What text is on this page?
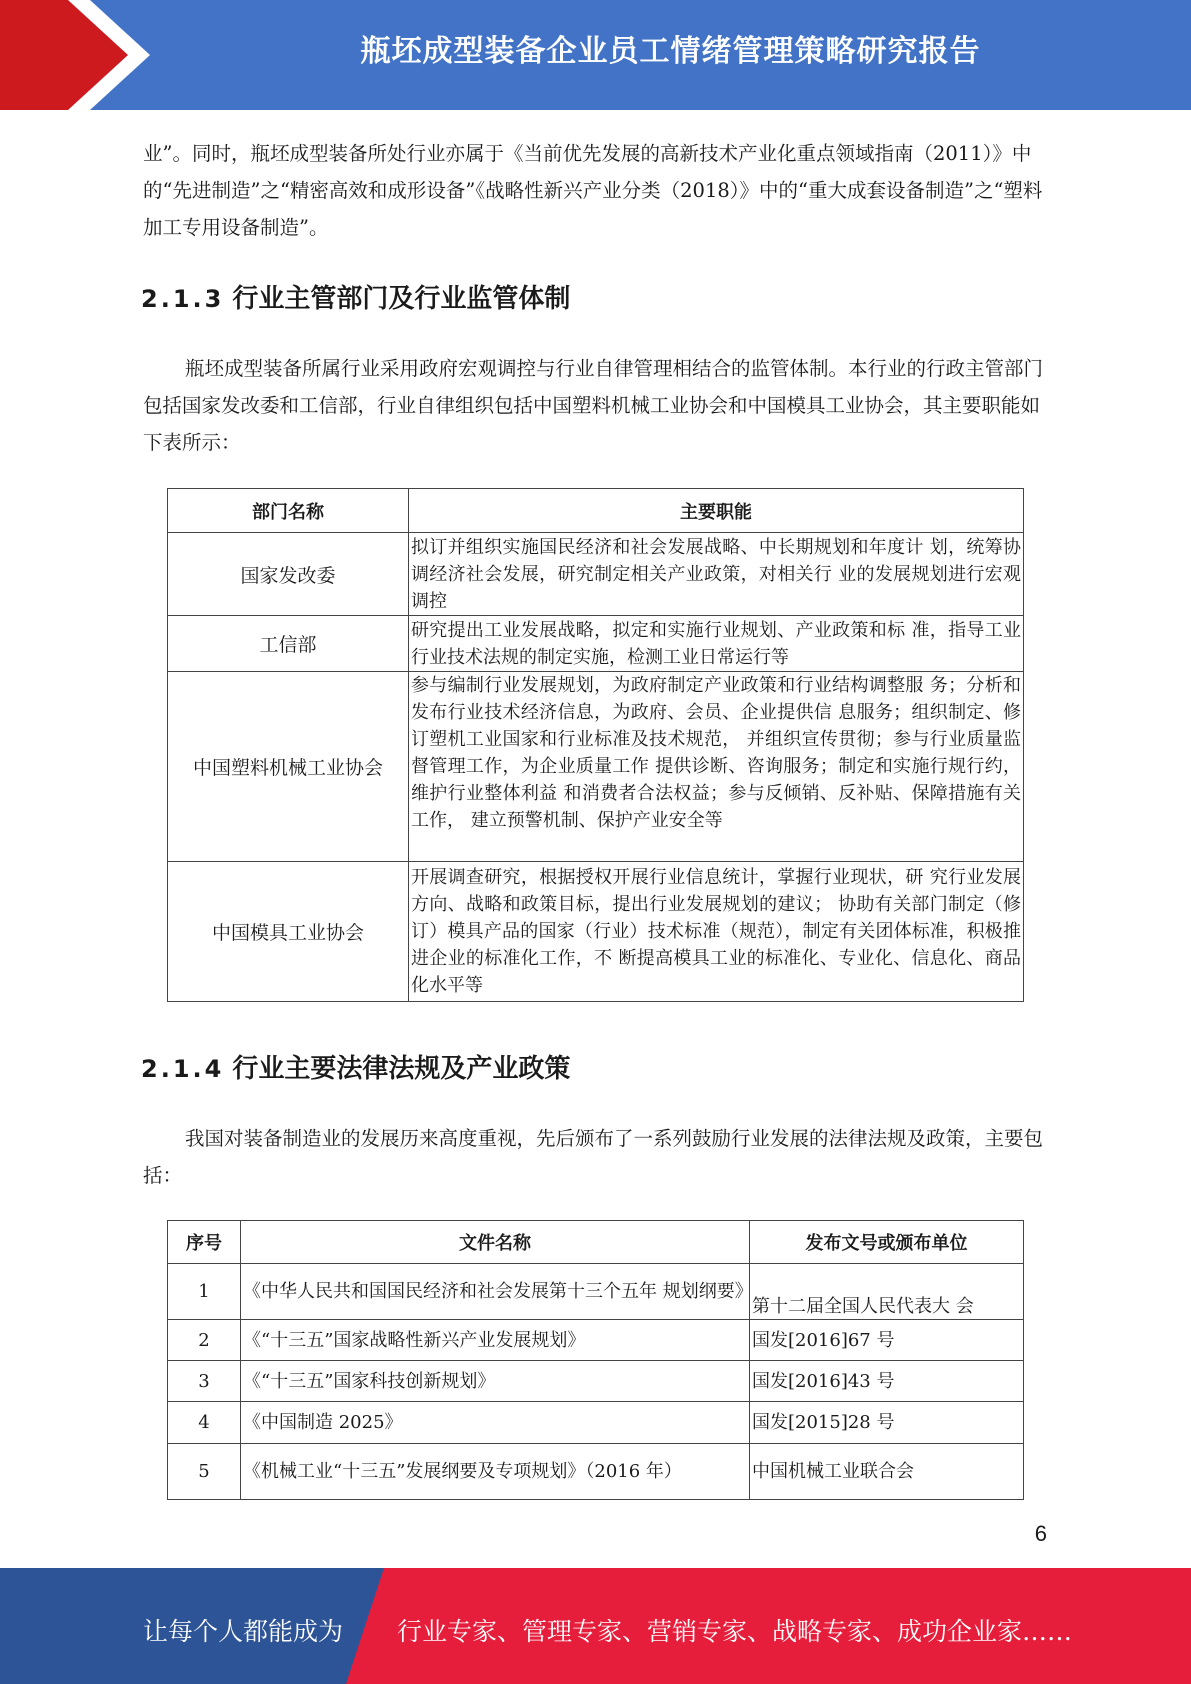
瓶坯成型装备企业员工情绪管理策略研究报告

业”。同时，瓶坯成型装备所处行业亦属于《当前优先发展的高新技术产业化重点领域指南（2011）》中的“先进制造”之“精密高效和成形设备”《战略性新兴产业分类（2018）》中的“重大成套设备制造”之“塑料加工专用设备制造”。

2.1.3 行业主管部门及行业监管体制

瓶坯成型装备所属行业采用政府宏观调控与行业自律管理相结合的监管体制。本行业的行政主管部门包括国家发改委和工信部，行业自律组织包括中国塑料机械工业协会和中国模具工业协会，其主要职能如下表所示：

部门名称	主要职能
国家发改委	拟订并组织实施国民经济和社会发展战略、中长期规划和年度计 划，统筹协调经济社会发展，研究制定相关产业政策，对相关行 业的发展规划进行宏观调控
工信部	研究提出工业发展战略，拟定和实施行业规划、产业政策和标 准，指导工业行业技术法规的制定实施，检测工业日常运行等
中国塑料机械工业协会	参与编制行业发展规划，为政府制定产业政策和行业结构调整服 务；分析和发布行业技术经济信息，为政府、会员、企业提供信 息服务；组织制定、修订塑机工业国家和行业标准及技术规范， 并组织宣传贯彻；参与行业质量监督管理工作，为企业质量工作 提供诊断、咨询服务；制定和实施行规行约，维护行业整体利益 和消费者合法权益；参与反倾销、反补贴、保障措施有关工作， 建立预警机制、保护产业安全等
中国模具工业协会	开展调查研究，根据授权开展行业信息统计，掌握行业现状，研 究行业发展方向、战略和政策目标，提出行业发展规划的建议； 协助有关部门制定（修订）模具产品的国家（行业）技术标准（规范），制定有关团体标准，积极推进企业的标准化工作，不 断提高模具工业的标准化、专业化、信息化、商品化水平等
2.1.4 行业主要法律法规及产业政策

我国对装备制造业的发展历来高度重视，先后颁布了一系列鼓励行业发展的法律法规及政策，主要包括：

序号	文件名称	发布文号或颁布单位
1	《中华人民共和国国民经济和社会发展第十三个五年 规划纲要》	第十二届全国人民代表大 会
2	《“十三五”国家战略性新兴产业发展规划》	国发[2016]67 号
3	《“十三五”国家科技创新规划》	国发[2016]43 号
4	《中国制造 2025》	国发[2015]28 号
5	《机械工业“十三五”发展纲要及专项规划》（2016 年）	中国机械工业联合会
6
让每个人都能成为 行业专家、管理专家、营销专家、战略专家、成功企业家……
